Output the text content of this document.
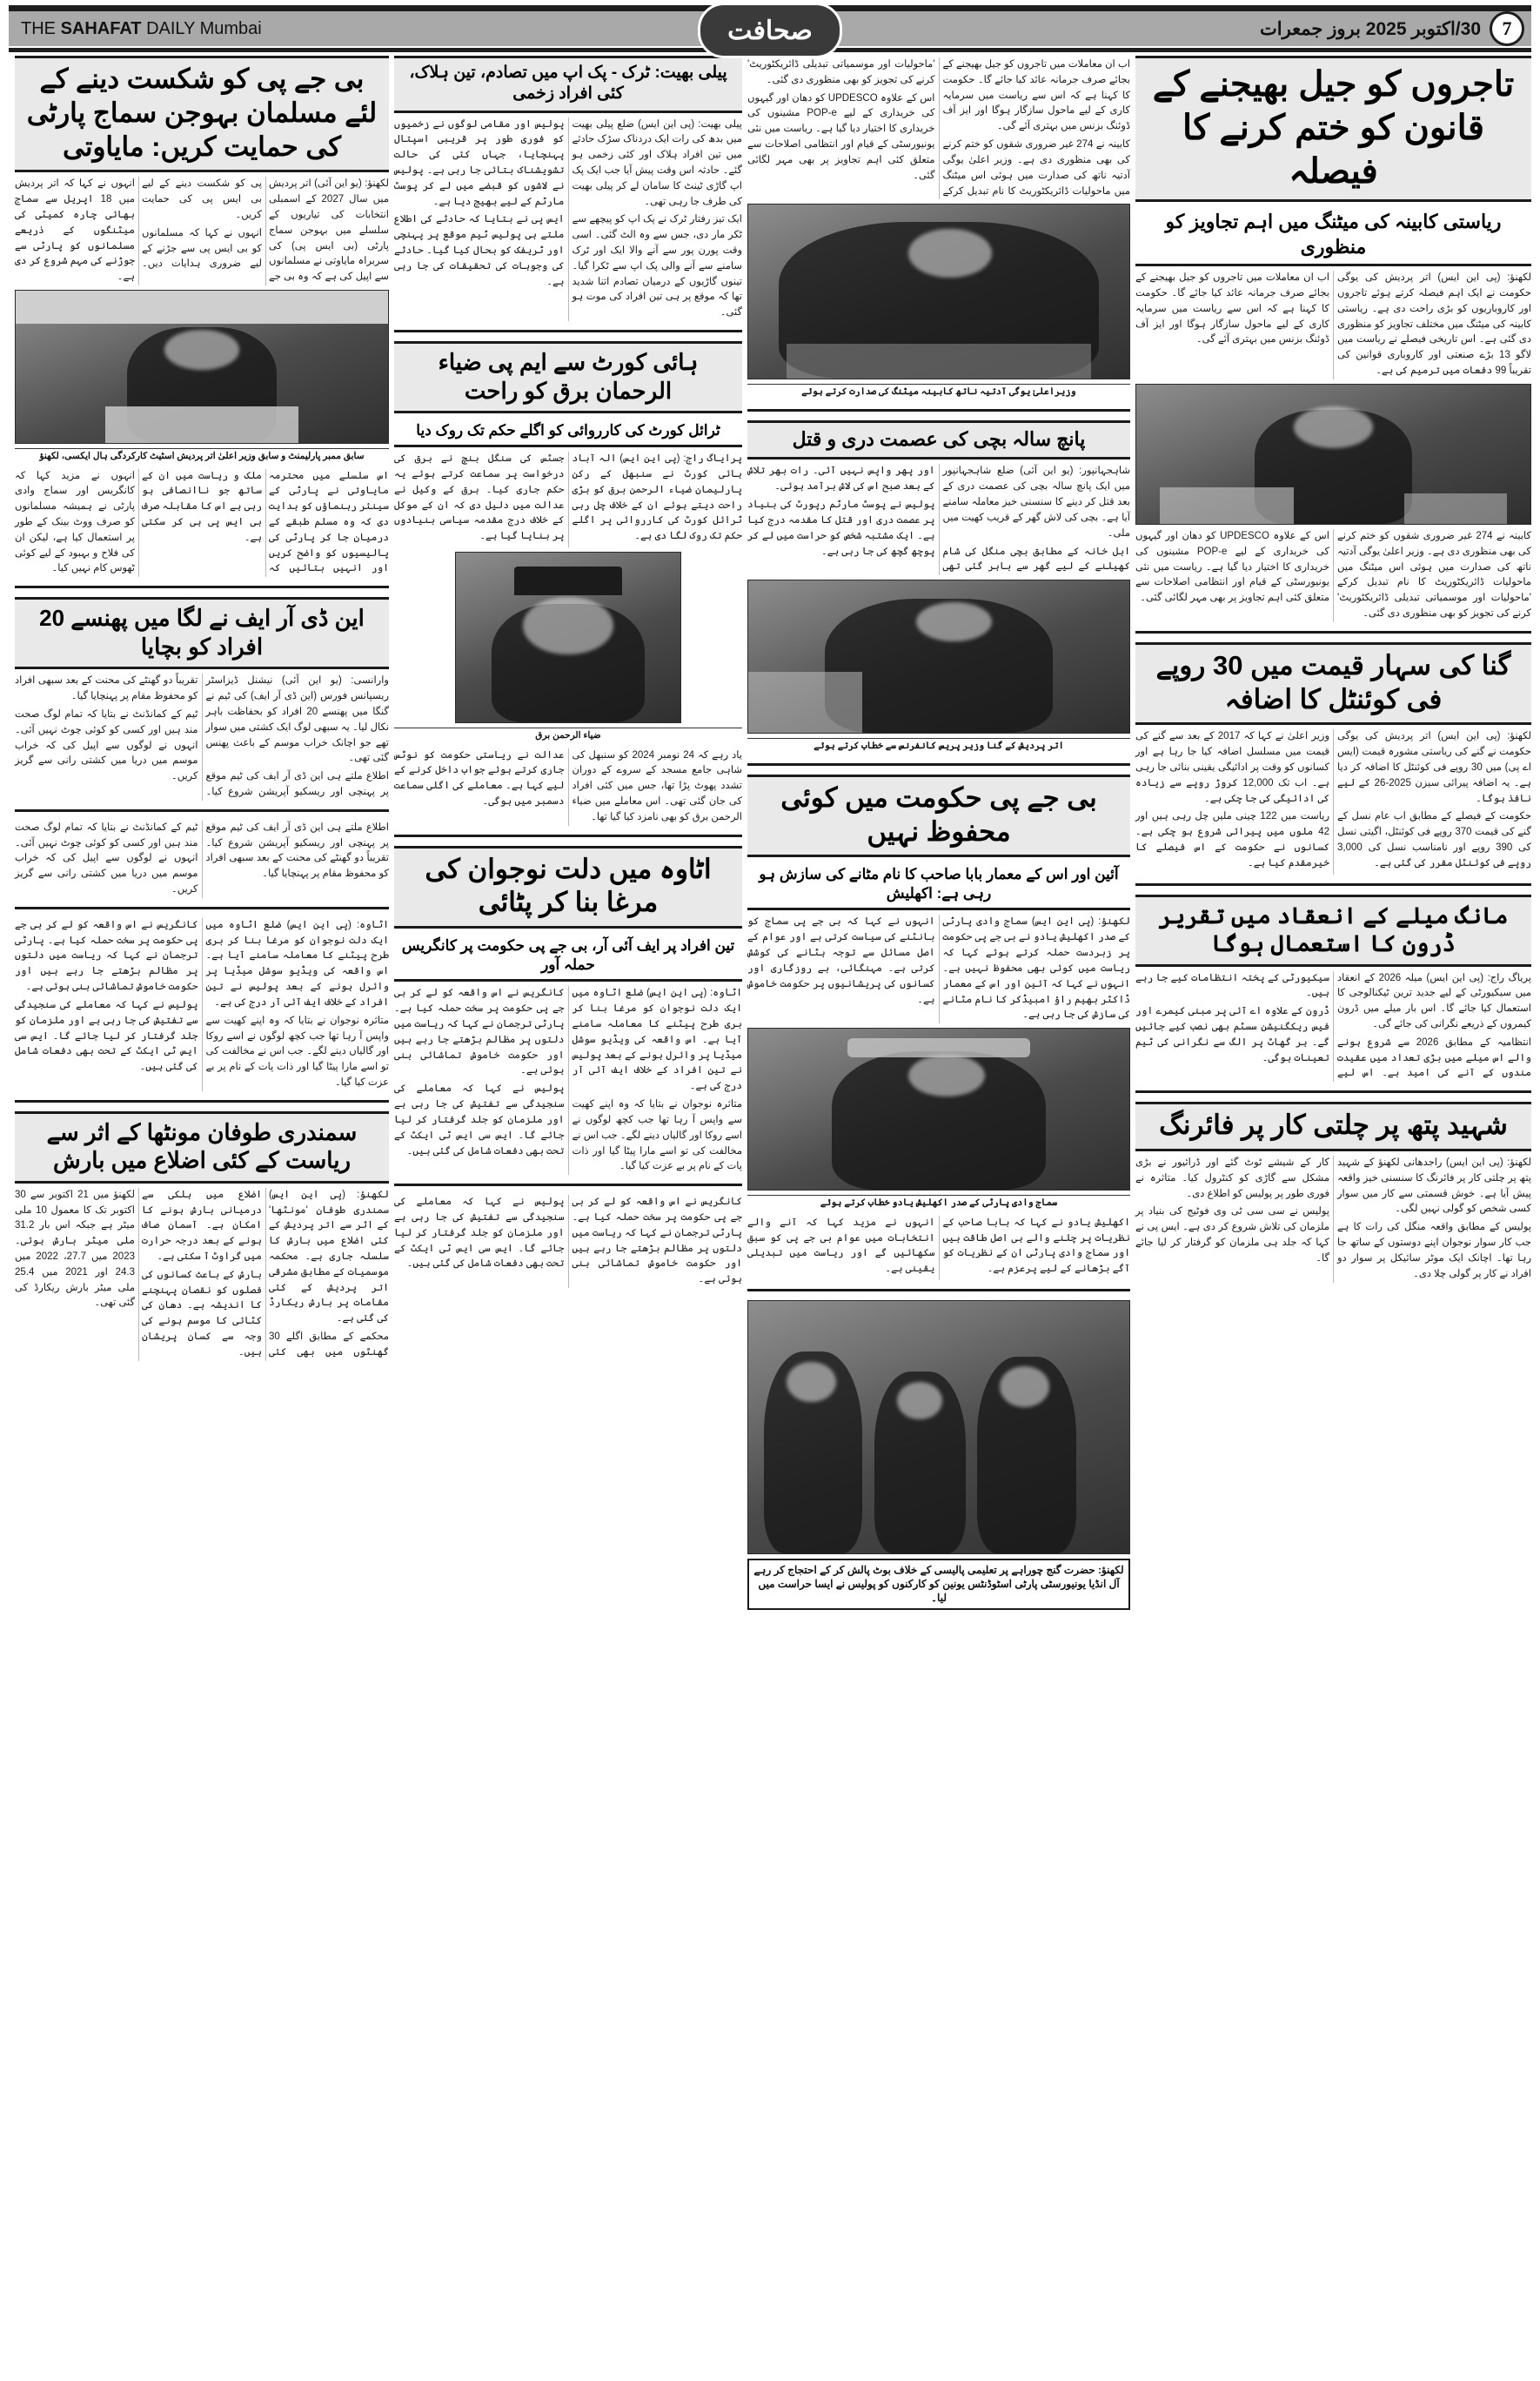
7
30/اکتوبر 2025 بروز جمعرات
صحافت
THE SAHAFAT DAILY Mumbai
تاجروں کو جیل بھیجنے کے قانون کو ختم کرنے کا فیصلہ
ریاستی کابینہ کی میٹنگ میں اہم تجاویز کو منظوری

لکھنؤ: (پی این ایس) اتر پردیش کی یوگی حکومت نے ایک اہم فیصلہ کرتے ہوئے تاجروں اور کاروباریوں کو بڑی راحت دی ہے۔ ریاستی کابینہ کی میٹنگ میں مختلف تجاویز کو منظوری دی گئی ہے۔ اس تاریخی فیصلے نے ریاست میں لاگو 13 بڑے صنعتی اور کاروباری قوانین کی تقریباً 99 دفعات میں ترمیم کی ہے۔

اب ان معاملات میں تاجروں کو جیل بھیجنے کے بجائے صرف جرمانہ عائد کیا جائے گا۔ حکومت کا کہنا ہے کہ اس سے ریاست میں سرمایہ کاری کے لیے ماحول سازگار ہوگا اور ایز آف ڈوئنگ بزنس میں بہتری آئے گی۔

کابینہ نے 274 غیر ضروری شقوں کو ختم کرنے کی بھی منظوری دی ہے۔ وزیر اعلیٰ یوگی آدتیہ ناتھ کی صدارت میں ہوئی اس میٹنگ میں ماحولیات ڈائریکٹوریٹ کا نام تبدیل کرکے 'ماحولیات اور موسمیاتی تبدیلی ڈائریکٹوریٹ' کرنے کی تجویز کو بھی منظوری دی گئی۔

اس کے علاوہ UPDESCO کو دھان اور گیہوں کی خریداری کے لیے POP-e مشینوں کی خریداری کا اختیار دیا گیا ہے۔ ریاست میں نئی یونیورسٹی کے قیام اور انتظامی اصلاحات سے متعلق کئی اہم تجاویز پر بھی مہر لگائی گئی۔

گنا کی سہار قیمت میں 30 روپے فی کوئنٹل کا اضافہ

لکھنؤ: (پی این ایس) اتر پردیش کی یوگی حکومت نے گنے کی ریاستی مشورہ قیمت (ایس اے پی) میں 30 روپے فی کوئنٹل کا اضافہ کر دیا ہے۔ یہ اضافہ پیرائی سیزن 2025-26 کے لیے نافذ ہوگا۔

حکومت کے فیصلے کے مطابق اب عام نسل کے گنے کی قیمت 370 روپے فی کوئنٹل، اگیتی نسل کی 390 روپے اور نامناسب نسل کی 3,000 روپے فی کوئنٹل مقرر کی گئی ہے۔

وزیر اعلیٰ نے کہا کہ 2017 کے بعد سے گنے کی قیمت میں مسلسل اضافہ کیا جا رہا ہے اور کسانوں کو وقت پر ادائیگی یقینی بنائی جا رہی ہے۔ اب تک 12,000 کروڑ روپے سے زیادہ کی ادائیگی کی جا چکی ہے۔

ریاست میں 122 چینی ملیں چل رہی ہیں اور 42 ملوں میں پیرائی شروع ہو چکی ہے۔ کسانوں نے حکومت کے اس فیصلے کا خیرمقدم کیا ہے۔

مانگ میلے کے انعقاد میں تقریر ڈرون کا استعمال ہوگا

پریاگ راج: (پی این ایس) میلہ 2026 کے انعقاد میں سیکیورٹی کے لیے جدید ترین ٹیکنالوجی کا استعمال کیا جائے گا۔ اس بار میلے میں ڈرون کیمروں کے ذریعے نگرانی کی جائے گی۔

انتظامیہ کے مطابق 2026 سے شروع ہونے والے اس میلے میں بڑی تعداد میں عقیدت مندوں کے آنے کی امید ہے۔ اس لیے سیکیورٹی کے پختہ انتظامات کیے جا رہے ہیں۔

ڈرون کے علاوہ اے آئی پر مبنی کیمرے اور فیس ریکگنیشن سسٹم بھی نصب کیے جائیں گے۔ ہر گھاٹ پر الگ سے نگرانی کی ٹیم تعینات ہوگی۔

شہید پتھ پر چلتی کار پر فائرنگ

لکھنؤ: (پی این ایس) راجدھانی لکھنؤ کے شہید پتھ پر چلتی کار پر فائرنگ کا سنسنی خیز واقعہ پیش آیا ہے۔ خوش قسمتی سے کار میں سوار کسی شخص کو گولی نہیں لگی۔

پولیس کے مطابق واقعہ منگل کی رات کا ہے جب کار سوار نوجوان اپنے دوستوں کے ساتھ جا رہا تھا۔ اچانک ایک موٹر سائیکل پر سوار دو افراد نے کار پر گولی چلا دی۔

کار کے شیشے ٹوٹ گئے اور ڈرائیور نے بڑی مشکل سے گاڑی کو کنٹرول کیا۔ متاثرہ نے فوری طور پر پولیس کو اطلاع دی۔

پولیس نے سی سی ٹی وی فوٹیج کی بنیاد پر ملزمان کی تلاش شروع کر دی ہے۔ ایس پی نے کہا کہ جلد ہی ملزمان کو گرفتار کر لیا جائے گا۔

اب ان معاملات میں تاجروں کو جیل بھیجنے کے بجائے صرف جرمانہ عائد کیا جائے گا۔ حکومت کا کہنا ہے کہ اس سے ریاست میں سرمایہ کاری کے لیے ماحول سازگار ہوگا اور ایز آف ڈوئنگ بزنس میں بہتری آئے گی۔

کابینہ نے 274 غیر ضروری شقوں کو ختم کرنے کی بھی منظوری دی ہے۔ وزیر اعلیٰ یوگی آدتیہ ناتھ کی صدارت میں ہوئی اس میٹنگ میں ماحولیات ڈائریکٹوریٹ کا نام تبدیل کرکے 'ماحولیات اور موسمیاتی تبدیلی ڈائریکٹوریٹ' کرنے کی تجویز کو بھی منظوری دی گئی۔

اس کے علاوہ UPDESCO کو دھان اور گیہوں کی خریداری کے لیے POP-e مشینوں کی خریداری کا اختیار دیا گیا ہے۔ ریاست میں نئی یونیورسٹی کے قیام اور انتظامی اصلاحات سے متعلق کئی اہم تجاویز پر بھی مہر لگائی گئی۔

وزیراعلیٰ یوگی آدتیہ ناتھ کابینہ میٹنگ کی صدارت کرتے ہوئے
پانچ سالہ بچی کی عصمت دری و قتل

شاہجہانپور: (یو این آئی) ضلع شاہجہانپور میں ایک پانچ سالہ بچی کی عصمت دری کے بعد قتل کر دینے کا سنسنی خیز معاملہ سامنے آیا ہے۔ بچی کی لاش گھر کے قریب کھیت میں ملی۔

اہل خانہ کے مطابق بچی منگل کی شام کھیلنے کے لیے گھر سے باہر گئی تھی اور پھر واپس نہیں آئی۔ رات بھر تلاش کے بعد صبح اس کی لاش برآمد ہوئی۔

پولیس نے پوسٹ مارٹم رپورٹ کی بنیاد پر عصمت دری اور قتل کا مقدمہ درج کیا ہے۔ ایک مشتبہ شخص کو حراست میں لے کر پوچھ گچھ کی جا رہی ہے۔

اتر پردیش کے گنا وزیر پریس کانفرنس سے خطاب کرتے ہوئے
بی جے پی حکومت میں کوئی محفوظ نہیں
آئین اور اس کے معمار بابا صاحب کا نام مٹانے کی سازش ہو رہی ہے: اکھلیش

لکھنؤ: (پی این ایس) سماج وادی پارٹی کے صدر اکھلیش یادو نے بی جے پی حکومت پر زبردست حملہ کرتے ہوئے کہا کہ ریاست میں کوئی بھی محفوظ نہیں ہے۔ انہوں نے کہا کہ آئین اور اس کے معمار ڈاکٹر بھیم راؤ امبیڈکر کا نام مٹانے کی سازش کی جا رہی ہے۔

انہوں نے کہا کہ بی جے پی سماج کو بانٹنے کی سیاست کرتی ہے اور عوام کے اصل مسائل سے توجہ ہٹانے کی کوشش کرتی ہے۔ مہنگائی، بے روزگاری اور کسانوں کی پریشانیوں پر حکومت خاموش ہے۔

سماج وادی پارٹی کے صدر اکھلیش یادو خطاب کرتے ہوئے

اکھلیش یادو نے کہا کہ بابا صاحب کے نظریات پر چلنے والے ہی اصل طاقت ہیں اور سماج وادی پارٹی ان کے نظریات کو آگے بڑھانے کے لیے پرعزم ہے۔

انہوں نے مزید کہا کہ آنے والے انتخابات میں عوام بی جے پی کو سبق سکھائیں گے اور ریاست میں تبدیلی یقینی ہے۔

لکھنؤ: حضرت گنج چوراہے پر تعلیمی پالیسی کے خلاف بوٹ پالش کر کے احتجاج کر رہے آل انڈیا یونیورسٹی پارٹی اسٹوڈنٹس یونین کو کارکنوں کو پولیس نے ایسا حراست میں لیا۔
پیلی بھیت: ٹرک - پک اپ میں تصادم، تین ہلاک، کئی افراد زخمی

پیلی بھیت: (پی این ایس) ضلع پیلی بھیت میں بدھ کی رات ایک دردناک سڑک حادثے میں تین افراد ہلاک اور کئی زخمی ہو گئے۔ حادثہ اس وقت پیش آیا جب ایک پک اپ گاڑی ٹینٹ کا سامان لے کر پیلی بھیت کی طرف جا رہی تھی۔

ایک تیز رفتار ٹرک نے پک اپ کو پیچھے سے ٹکر مار دی، جس سے وہ الٹ گئی۔ اسی وقت پورن پور سے آنے والا ایک اور ٹرک سامنے سے آنے والی پک اپ سے ٹکرا گیا۔ تینوں گاڑیوں کے درمیان تصادم اتنا شدید تھا کہ موقع پر ہی تین افراد کی موت ہو گئی۔

پولیس اور مقامی لوگوں نے زخمیوں کو فوری طور پر قریبی اسپتال پہنچایا، جہاں کئی کی حالت تشویشناک بتائی جا رہی ہے۔ پولیس نے لاشوں کو قبضے میں لے کر پوسٹ مارٹم کے لیے بھیج دیا ہے۔

ایس پی نے بتایا کہ حادثے کی اطلاع ملتے ہی پولیس ٹیم موقع پر پہنچی اور ٹریفک کو بحال کیا گیا۔ حادثے کی وجوہات کی تحقیقات کی جا رہی ہے۔

ہائی کورٹ سے ایم پی ضیاء الرحمان برق کو راحت
ٹرائل کورٹ کی کارروائی کو اگلے حکم تک روک دیا

پرایاگ راج: (پی این ایس) الہ آباد ہائی کورٹ نے سنبھل کے رکن پارلیمان ضیاء الرحمن برق کو بڑی راحت دیتے ہوئے ان کے خلاف چل رہی ٹرائل کورٹ کی کارروائی پر اگلے حکم تک روک لگا دی ہے۔

جسٹس کی سنگل بنچ نے برق کی درخواست پر سماعت کرتے ہوئے یہ حکم جاری کیا۔ برق کے وکیل نے عدالت میں دلیل دی کہ ان کے موکل کے خلاف درج مقدمہ سیاسی بنیادوں پر بنایا گیا ہے۔

ضیاء الرحمن برق

یاد رہے کہ 24 نومبر 2024 کو سنبھل کی شاہی جامع مسجد کے سروے کے دوران تشدد پھوٹ پڑا تھا، جس میں کئی افراد کی جان گئی تھی۔ اس معاملے میں ضیاء الرحمن برق کو بھی نامزد کیا گیا تھا۔

عدالت نے ریاستی حکومت کو نوٹس جاری کرتے ہوئے جواب داخل کرنے کے لیے کہا ہے۔ معاملے کی اگلی سماعت دسمبر میں ہوگی۔

اٹاوہ میں دلت نوجوان کی مرغا بنا کر پٹائی
تین افراد پر ایف آئی آر، بی جے پی حکومت پر کانگریس حملہ آور

اٹاوہ: (پی این ایس) ضلع اٹاوہ میں ایک دلت نوجوان کو مرغا بنا کر بری طرح پیٹنے کا معاملہ سامنے آیا ہے۔ اس واقعہ کی ویڈیو سوشل میڈیا پر وائرل ہونے کے بعد پولیس نے تین افراد کے خلاف ایف آئی آر درج کی ہے۔

متاثرہ نوجوان نے بتایا کہ وہ اپنے کھیت سے واپس آ رہا تھا جب کچھ لوگوں نے اسے روکا اور گالیاں دینے لگے۔ جب اس نے مخالفت کی تو اسے مارا پیٹا گیا اور ذات پات کے نام پر بے عزت کیا گیا۔

کانگریس نے اس واقعہ کو لے کر بی جے پی حکومت پر سخت حملہ کیا ہے۔ پارٹی ترجمان نے کہا کہ ریاست میں دلتوں پر مظالم بڑھتے جا رہے ہیں اور حکومت خاموش تماشائی بنی ہوئی ہے۔

پولیس نے کہا کہ معاملے کی سنجیدگی سے تفتیش کی جا رہی ہے اور ملزمان کو جلد گرفتار کر لیا جائے گا۔ ایس سی ایس ٹی ایکٹ کے تحت بھی دفعات شامل کی گئی ہیں۔

کانگریس نے اس واقعہ کو لے کر بی جے پی حکومت پر سخت حملہ کیا ہے۔ پارٹی ترجمان نے کہا کہ ریاست میں دلتوں پر مظالم بڑھتے جا رہے ہیں اور حکومت خاموش تماشائی بنی ہوئی ہے۔

پولیس نے کہا کہ معاملے کی سنجیدگی سے تفتیش کی جا رہی ہے اور ملزمان کو جلد گرفتار کر لیا جائے گا۔ ایس سی ایس ٹی ایکٹ کے تحت بھی دفعات شامل کی گئی ہیں۔

بی جے پی کو شکست دینے کے لئے مسلمان بہوجن سماج پارٹی کی حمایت کریں: مایاوتی

لکھنؤ: (یو این آئی) اتر پردیش میں سال 2027 کے اسمبلی انتخابات کی تیاریوں کے سلسلے میں بہوجن سماج پارٹی (بی ایس پی) کی سربراہ مایاوتی نے مسلمانوں سے اپیل کی ہے کہ وہ بی جے پی کو شکست دینے کے لیے بی ایس پی کی حمایت کریں۔

انہوں نے کہا کہ مسلمانوں کو بی ایس پی سے جڑنے کے لیے ضروری ہدایات دیں۔ انہوں نے کہا کہ اتر پردیش میں 18 اپریل سے سماج بھائی چارہ کمیٹی کی میٹنگوں کے ذریعے مسلمانوں کو پارٹی سے جوڑنے کی مہم شروع کر دی ہے۔

سابق ممبر پارلیمنٹ و سابق وزیر اعلیٰ اتر پردیش اسٹیٹ کارکردگی ہال ایکسی، لکھنؤ

اس سلسلے میں محترمہ مایاوتی نے پارٹی کے سینئر رہنماؤں کو ہدایت دی کہ وہ مسلم طبقے کے درمیان جا کر پارٹی کی پالیسیوں کو واضح کریں اور انہیں بتائیں کہ ملک و ریاست میں ان کے ساتھ جو ناانصافی ہو رہی ہے اس کا مقابلہ صرف بی ایس پی ہی کر سکتی ہے۔

انہوں نے مزید کہا کہ کانگریس اور سماج وادی پارٹی نے ہمیشہ مسلمانوں کو صرف ووٹ بینک کے طور پر استعمال کیا ہے، لیکن ان کی فلاح و بہبود کے لیے کوئی ٹھوس کام نہیں کیا۔

این ڈی آر ایف نے لگا میں پھنسے 20 افراد کو بچایا

وارانسی: (یو این آئی) نیشنل ڈیزاسٹر ریسپانس فورس (این ڈی آر ایف) کی ٹیم نے گنگا میں پھنسے 20 افراد کو بحفاظت باہر نکال لیا۔ یہ سبھی لوگ ایک کشتی میں سوار تھے جو اچانک خراب موسم کے باعث پھنس گئی تھی۔

اطلاع ملتے ہی این ڈی آر ایف کی ٹیم موقع پر پہنچی اور ریسکیو آپریشن شروع کیا۔ تقریباً دو گھنٹے کی محنت کے بعد سبھی افراد کو محفوظ مقام پر پہنچایا گیا۔

ٹیم کے کمانڈنٹ نے بتایا کہ تمام لوگ صحت مند ہیں اور کسی کو کوئی چوٹ نہیں آئی۔ انہوں نے لوگوں سے اپیل کی کہ خراب موسم میں دریا میں کشتی رانی سے گریز کریں۔

اطلاع ملتے ہی این ڈی آر ایف کی ٹیم موقع پر پہنچی اور ریسکیو آپریشن شروع کیا۔ تقریباً دو گھنٹے کی محنت کے بعد سبھی افراد کو محفوظ مقام پر پہنچایا گیا۔

ٹیم کے کمانڈنٹ نے بتایا کہ تمام لوگ صحت مند ہیں اور کسی کو کوئی چوٹ نہیں آئی۔ انہوں نے لوگوں سے اپیل کی کہ خراب موسم میں دریا میں کشتی رانی سے گریز کریں۔

اٹاوہ: (پی این ایس) ضلع اٹاوہ میں ایک دلت نوجوان کو مرغا بنا کر بری طرح پیٹنے کا معاملہ سامنے آیا ہے۔ اس واقعہ کی ویڈیو سوشل میڈیا پر وائرل ہونے کے بعد پولیس نے تین افراد کے خلاف ایف آئی آر درج کی ہے۔

متاثرہ نوجوان نے بتایا کہ وہ اپنے کھیت سے واپس آ رہا تھا جب کچھ لوگوں نے اسے روکا اور گالیاں دینے لگے۔ جب اس نے مخالفت کی تو اسے مارا پیٹا گیا اور ذات پات کے نام پر بے عزت کیا گیا۔

کانگریس نے اس واقعہ کو لے کر بی جے پی حکومت پر سخت حملہ کیا ہے۔ پارٹی ترجمان نے کہا کہ ریاست میں دلتوں پر مظالم بڑھتے جا رہے ہیں اور حکومت خاموش تماشائی بنی ہوئی ہے۔

پولیس نے کہا کہ معاملے کی سنجیدگی سے تفتیش کی جا رہی ہے اور ملزمان کو جلد گرفتار کر لیا جائے گا۔ ایس سی ایس ٹی ایکٹ کے تحت بھی دفعات شامل کی گئی ہیں۔

سمندری طوفان مونٹھا کے اثر سے ریاست کے کئی اضلاع میں بارش

لکھنؤ: (پی این ایس) سمندری طوفان 'مونٹھا' کے اثر سے اتر پردیش کے کئی اضلاع میں بارش کا سلسلہ جاری ہے۔ محکمہ موسمیات کے مطابق مشرقی اتر پردیش کے کئی مقامات پر بارش ریکارڈ کی گئی ہے۔

محکمے کے مطابق اگلے 30 گھنٹوں میں بھی کئی اضلاع میں ہلکی سے درمیانی بارش ہونے کا امکان ہے۔ آسمان صاف ہونے کے بعد درجہ حرارت میں گراوٹ آ سکتی ہے۔

بارش کے باعث کسانوں کی فصلوں کو نقصان پہنچنے کا اندیشہ ہے۔ دھان کی کٹائی کا موسم ہونے کی وجہ سے کسان پریشان ہیں۔

لکھنؤ میں 21 اکتوبر سے 30 اکتوبر تک کا معمول 10 ملی میٹر ہے جبکہ اس بار 31.2 ملی میٹر بارش ہوئی۔ 2023 میں 27.7، 2022 میں 24.3 اور 2021 میں 25.4 ملی میٹر بارش ریکارڈ کی گئی تھی۔
